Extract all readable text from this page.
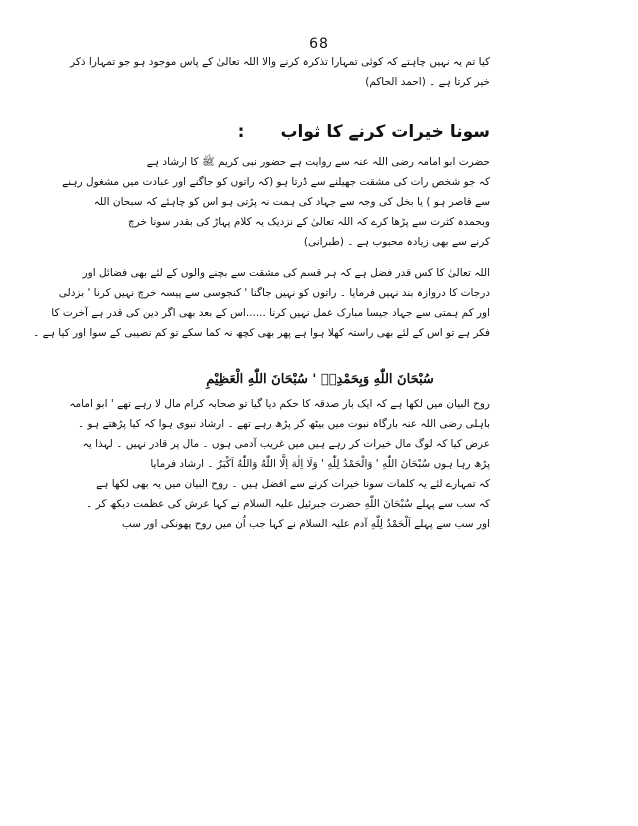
68
کیا تم یہ نہیں چاہتے کہ کوئی تمہارا تذکرہ کرنے والا اللہ تعالیٰ کے پاس موجود ہو جو تمہارا ذکر
خیر کرتا ہے ۔ (احمد الحاکم)
سونا خیرات کرنے کا ثواب:
حضرت ابو امامہ رضی اللہ عنہ سے روایت ہے حضور نبی کریم ﷺ کا ارشاد ہے
کہ جو شخص رات کی مشقت جھیلنے سے ڈرتا ہو (کہ راتوں کو جاگنے اور عبادت میں مشغول رہنے
سے قاصر ہو ) یا بخل کی وجہ سے جہاد کی ہمت نہ پڑتی ہو اس کو چاہئے کہ سبحان اللہ
وبحمدہ کثرت سے پڑھا کرے کہ اللہ تعالیٰ کے نزدیک یہ کلام پہاڑ کی بقدر سونا خرچ
کرنے سے بھی زیادہ محبوب ہے ۔ (طبرانی)
اللہ تعالیٰ کا کس قدر فضل ہے کہ ہر قسم کی مشقت سے بچنے والوں کے لئے بھی فضائل اور
درجات کا دروازہ بند نہیں فرمایا ۔ راتوں کو نہیں جاگنا ' کنجوسی سے پیسہ خرچ نہیں کرنا ' بزدلی
اور کم ہمتی سے جہاد جیسا مبارک عمل نہیں کرنا ......اس کے بعد بھی اگر دین کی قدر ہے آخرت کا
فکر ہے تو اس کے لئے بھی راستہ کھلا ہوا ہے پھر بھی کچھ نہ کما سکے تو کم نصیبی کے سوا اور کیا ہے ۔
سُبْحَانَ اللّٰهِ وَبِحَمْدِهٖ ' سُبْحَانَ اللّٰهِ الْعَظِيْمِ
روح البیان میں لکھا ہے کہ ایک بار صدقہ کا حکم دیا گیا تو صحابہ کرام مال لا رہے تھے ' ابو امامہ
باہلی رضی اللہ عنہ بارگاہ نبوت میں بیٹھ کر پڑھ رہے تھے ۔ ارشاد نبوی ہوا کہ کیا پڑھتے ہو ۔
عرض کیا کہ لوگ مال خیرات کر رہے ہیں میں غریب آدمی ہوں ۔ مال پر قادر نہیں ۔ لہذا یہ
پڑھ رہا ہوں سُبْحَانَ اللّٰهِ ' وَالْحَمْدُ لِلّٰهِ ' وَلَا اِلٰهَ اِلَّا اللّٰهُ وَاللّٰهُ اَكْبَرُ ۔ ارشاد فرمایا
کہ تمہارے لئے یہ کلمات سونا خیرات کرنے سے افضل ہیں ۔ روح البیان میں یہ بھی لکھا ہے
کہ سب سے پہلے سُبْحَانَ اللّٰهِ حضرت جبرئیل علیہ السلام نے کہا عرش کی عظمت دیکھ کر ۔
اور سب سے پہلے اَلْحَمْدُ لِلّٰهِ آدم علیہ السلام نے کہا جب اُن میں روح پھونکی اور سب
